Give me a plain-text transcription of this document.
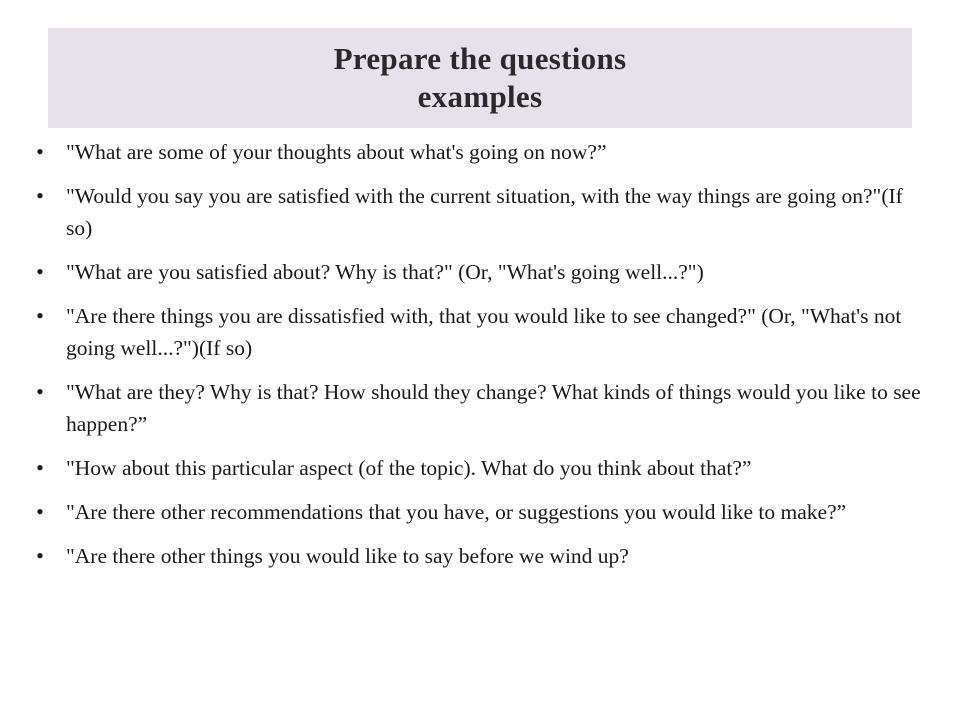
Prepare the questions
examples
• "What are some of your thoughts about what's going on now?”
• "Would you say you are satisfied with the current situation, with the way things are going on?"(If so)
• "What are you satisfied about? Why is that?" (Or, "What's going well...?")
• "Are there things you are dissatisfied with, that you would like to see changed?" (Or, "What's not going well...?")(If so)
• "What are they? Why is that? How should they change? What kinds of things would you like to see happen?”
• "How about this particular aspect (of the topic). What do you think about that?”
• "Are there other recommendations that you have, or suggestions you would like to make?”
• "Are there other things you would like to say before we wind up?
